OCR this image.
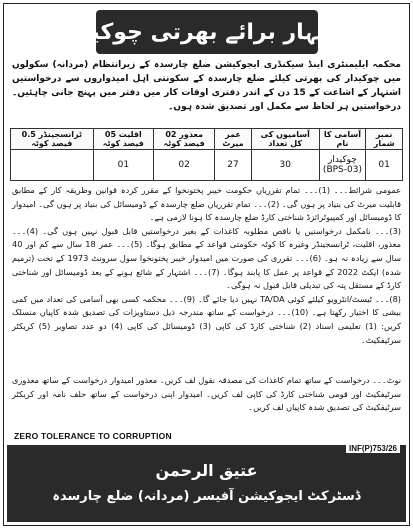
اشتہار برائے بھرتی چوکیدار
محکمہ ایلیمنٹری اینڈ سیکنڈری ایجوکیشن ضلع چارسدہ کے زیرانتظام (مردانہ) سکولوں میں چوکیدار کی بھرتی کیلئے ضلع چارسدہ کے سکونتی اہل امیدواروں سے درخواستیں اشتہار کے اشاعت کے 15 دن کے اندر دفتری اوقات کار میں دفتر میں پہنچ جانی چاہئیں۔ درخواستیں ہر لحاظ سے مکمل اور تصدیق شدہ ہوں۔
نمبر شمار	آسامی کا نام	آسامیوں کی کل تعداد	عمر میرٹ	معذور 02 فیصد کوٹہ	اقلیت 05 فیصد کوٹہ	ٹرانسجینڈر 0.5 فیصد کوٹہ
01	چوکیدار
(BPS-03)	30	27	02	01	

عمومی شرائط۔۔۔ (1)۔۔۔ تمام تقرریاں حکومت خیبر پختونخوا کے مقرر کردہ قوانین وطریقہ کار کے مطابق قابلیت میرٹ کی بنیاد پر ہوں گی۔ (2)۔۔۔ تمام تقرریاں ضلع چارسدہ کے ڈومیسائل کی بنیاد پر ہوں گی۔ امیدوار کا ڈومیسائل اور کمپیوٹرائزڈ شناختی کارڈ ضلع چارسدہ کا ہونا لازمی ہے۔

(3)۔۔۔ نامکمل درخواستیں یا ناقص مطلوبہ کاغذات کے بغیر درخواستیں قابل قبول نہیں ہوں گی۔ (4)۔۔۔ معذور، اقلیت، ٹرانسجینڈر وغیرہ کا کوٹہ حکومتی قواعد کے مطابق ہوگا۔ (5)۔۔۔ عمر 18 سال سے کم اور 40 سال سے زیادہ نہ ہو۔ (6)۔۔۔ تقرری کی صورت میں امیدوار خیبر پختونخوا سول سرونٹ 1973 کے تحت (ترمیم شدہ) ایکٹ 2022 کے قواعد پر عمل کا پابند ہوگا۔ (7)۔۔۔ اشتہار کے شائع ہونے کے بعد ڈومیسائل اور شناختی کارڈ کے مستقل پتہ کی تبدیلی قابل قبول نہ ہوگی۔

(8)۔۔۔ ٹیسٹ/انٹرویو کیلئے کوئی TA/DA نہیں دیا جائے گا۔ (9)۔۔۔ محکمہ کسی بھی آسامی کی تعداد میں کمی بیشی کا اختیار رکھتا ہے۔ (10)۔۔۔ درخواست کے ساتھ مندرجہ ذیل دستاویزات کی تصدیق شدہ کاپیاں منسلک کریں: (1) تعلیمی اسناد (2) شناختی کارڈ کی کاپی (3) ڈومیسائل کی کاپی (4) دو عدد تصاویر (5) کریکٹر سرٹیفکیٹ۔

نوٹ۔۔۔ درخواست کے ساتھ تمام کاغذات کی مصدقہ نقول لف کریں۔ معذور امیدوار درخواست کے ساتھ معذوری سرٹیفکیٹ اور قومی شناختی کارڈ کی کاپی لف کریں۔ امیدوار اپنی درخواست کے ساتھ حلف نامہ اور کریکٹر سرٹیفکیٹ کی تصدیق شدہ کاپیاں لف کریں۔

ZERO TOLERANCE TO CORRUPTION
INF(P)753/26
عتیق الرحمن
ڈسٹرکٹ ایجوکیشن آفیسر (مردانہ) ضلع چارسدہ
